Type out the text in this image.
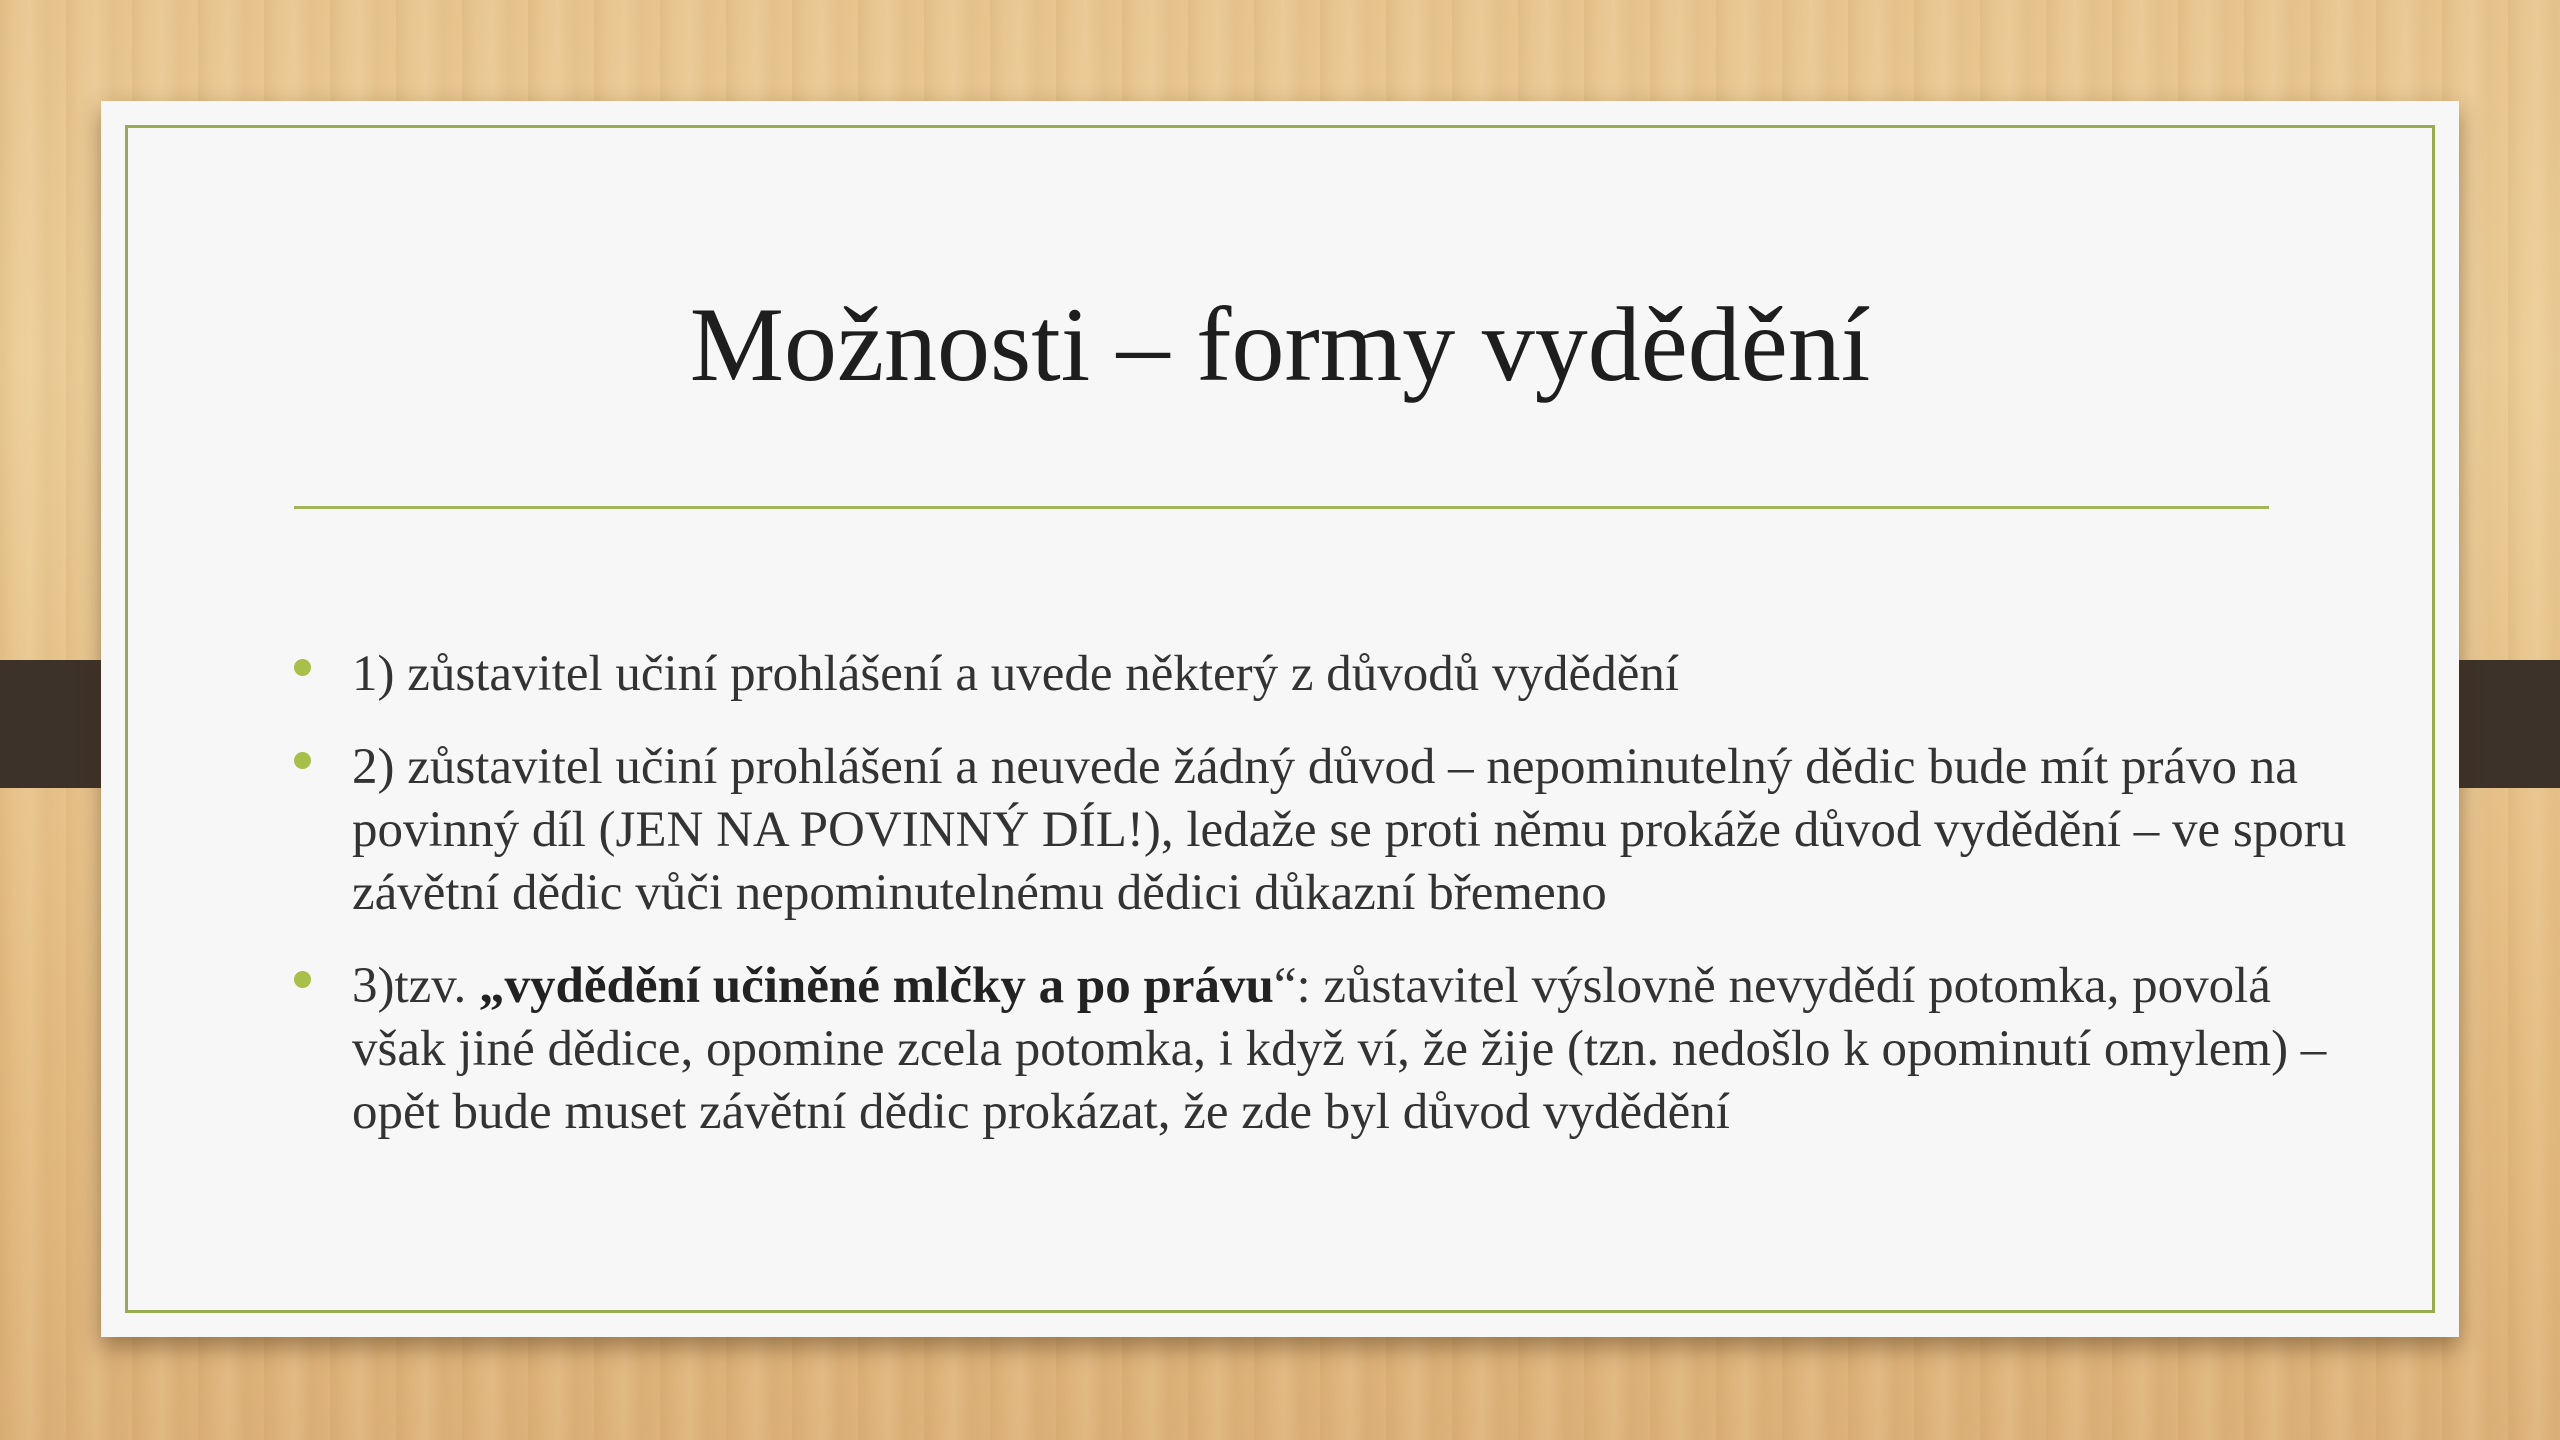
Možnosti – formy vydědění
1) zůstavitel učiní prohlášení a uvede některý z důvodů vydědění
2) zůstavitel učiní prohlášení a neuvede žádný důvod – nepominutelný dědic bude mít právo na povinný díl (JEN NA POVINNÝ DÍL!), ledaže se proti němu prokáže důvod vydědění – ve sporu závětní dědic vůči nepominutelnému dědici důkazní břemeno
3)tzv. „vydědění učiněné mlčky a po právu“: zůstavitel výslovně nevydědí potomka, povolá však jiné dědice, opomine zcela potomka, i když ví, že žije (tzn. nedošlo k opominutí omylem) – opět bude muset závětní dědic prokázat, že zde byl důvod vydědění
